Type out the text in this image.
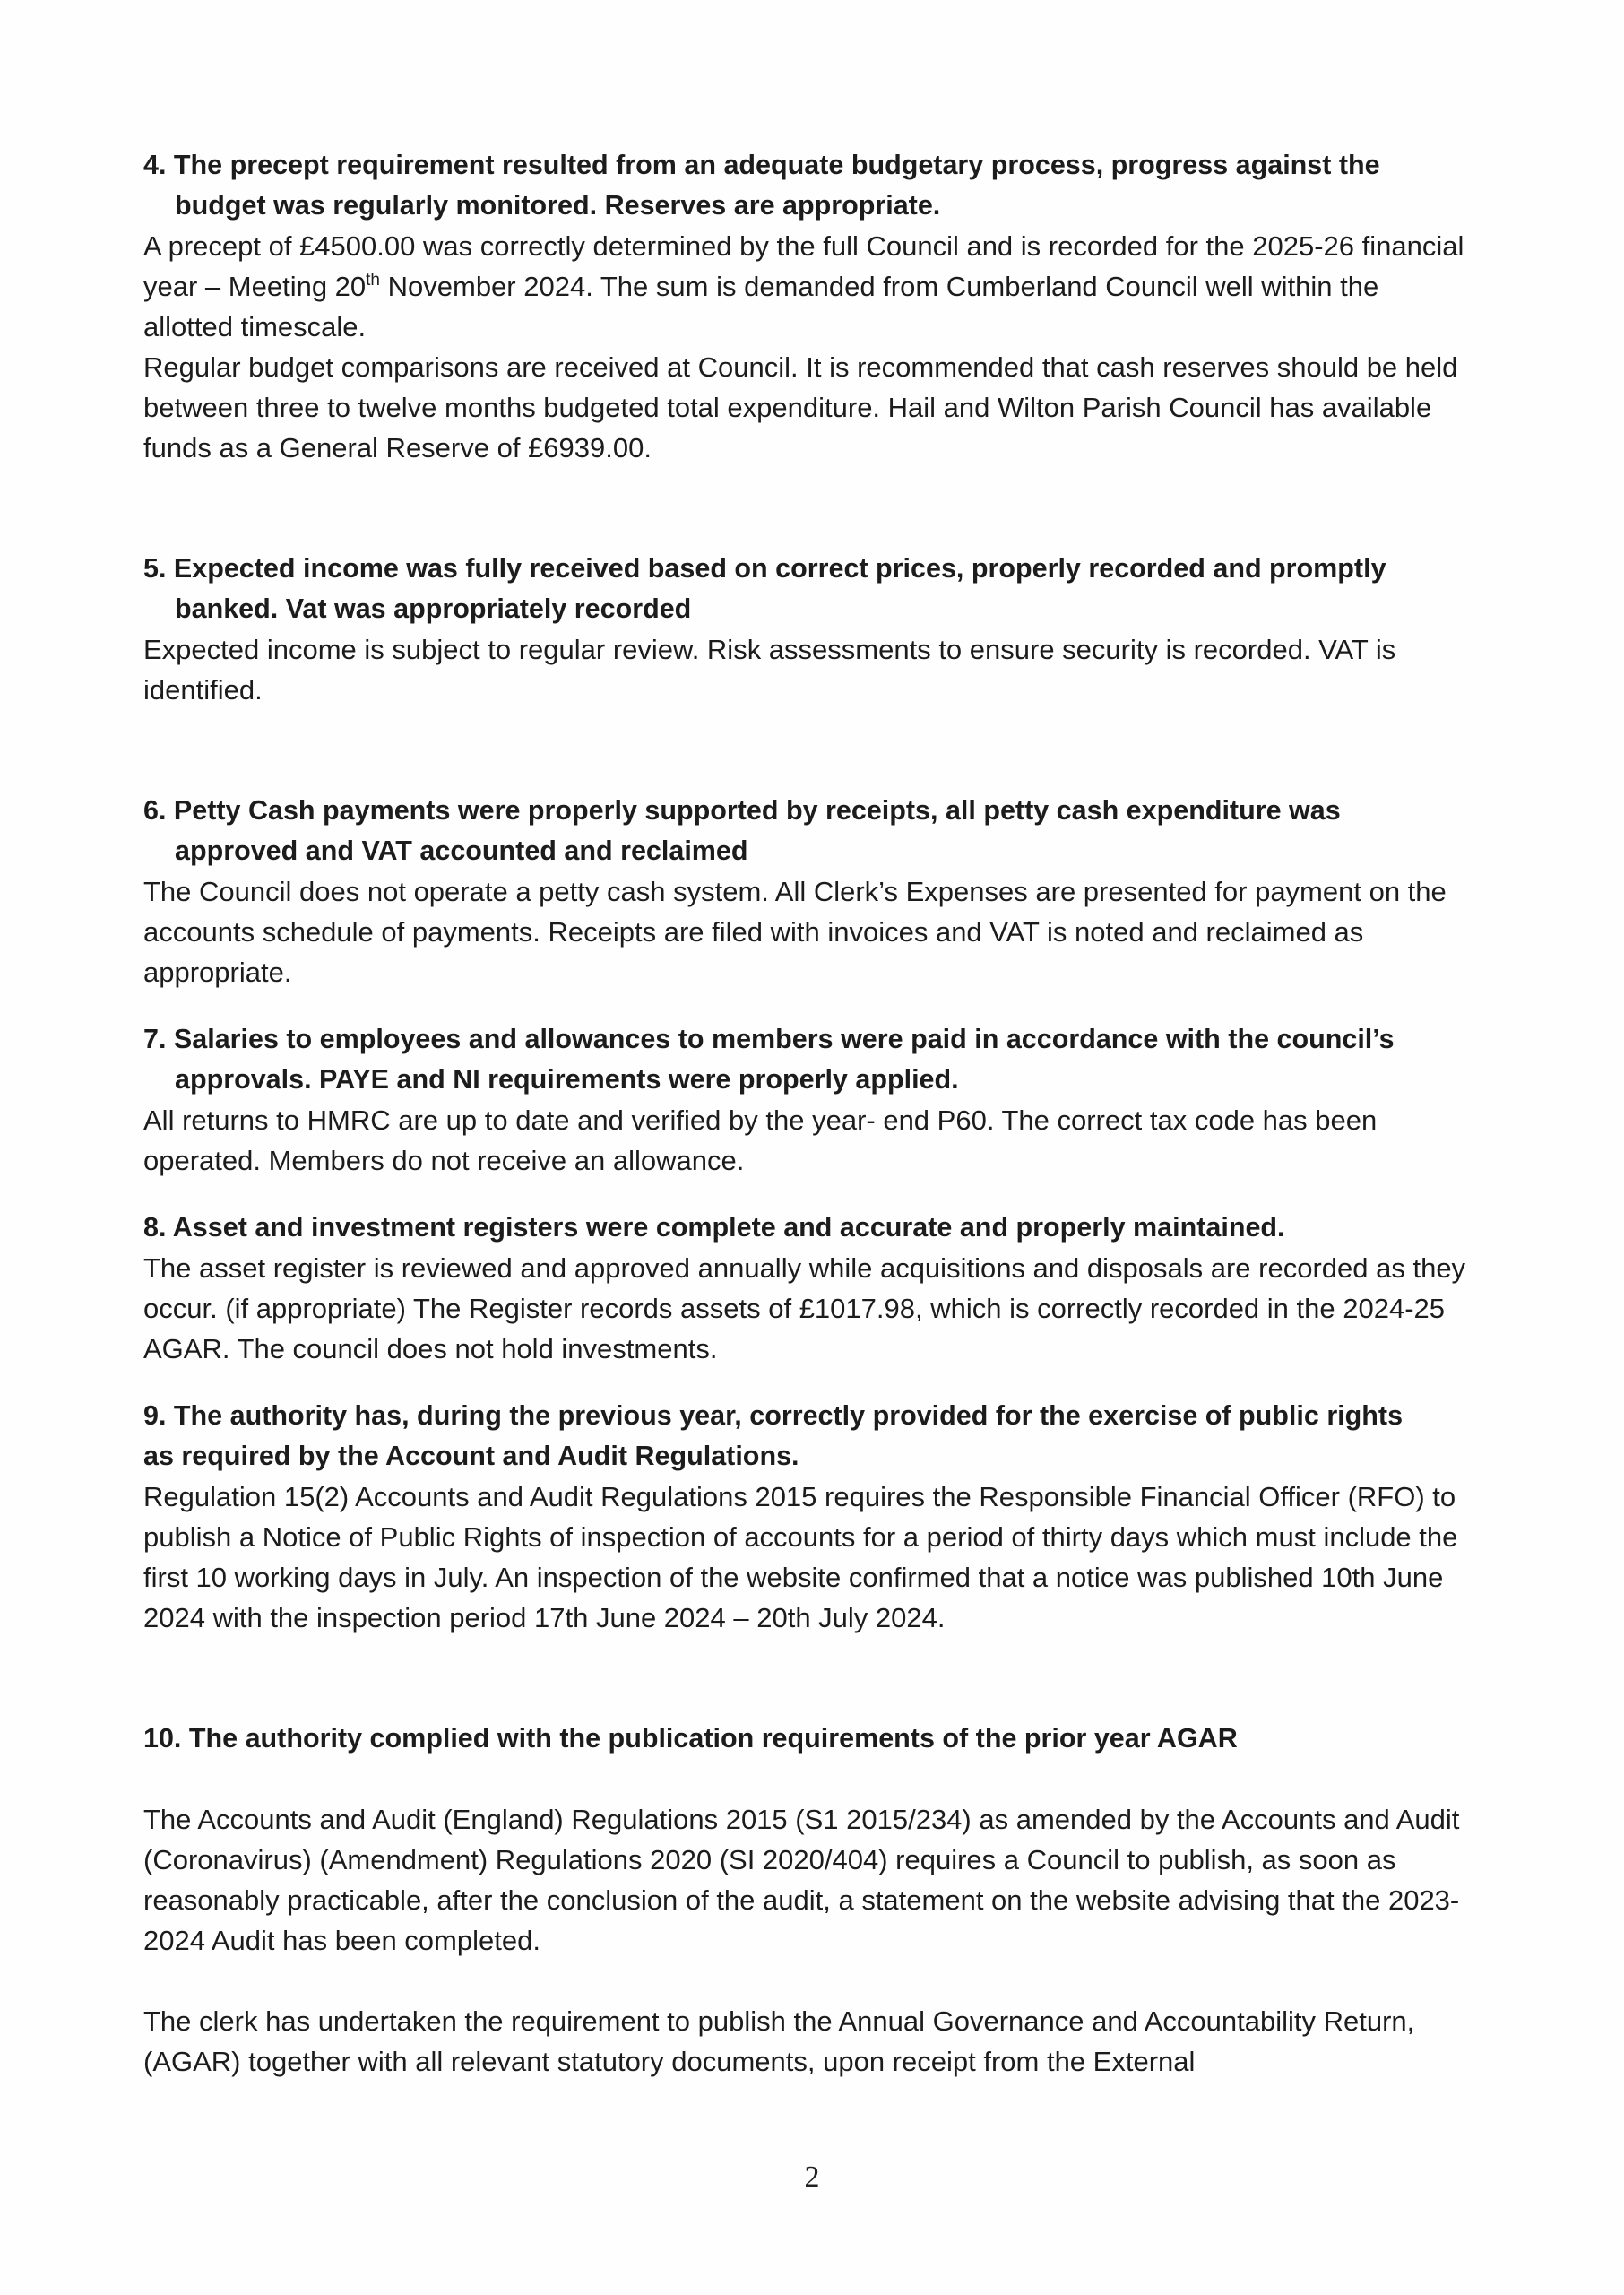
4. The precept requirement resulted from an adequate budgetary process, progress against the
budget was regularly monitored. Reserves are appropriate.

A precept of £4500.00 was correctly determined by the full Council and is recorded for the 2025-26 financial year – Meeting 20th November 2024. The sum is demanded from Cumberland Council well within the allotted timescale.

Regular budget comparisons are received at Council. It is recommended that cash reserves should be held between three to twelve months budgeted total expenditure. Hail and Wilton Parish Council has available funds as a General Reserve of £6939.00.

5. Expected income was fully received based on correct prices, properly recorded and promptly
banked. Vat was appropriately recorded

Expected income is subject to regular review. Risk assessments to ensure security is recorded. VAT is identified.

6. Petty Cash payments were properly supported by receipts, all petty cash expenditure was
approved and VAT accounted and reclaimed

The Council does not operate a petty cash system. All Clerk’s Expenses are presented for payment on the accounts schedule of payments. Receipts are filed with invoices and VAT is noted and reclaimed as appropriate.

7. Salaries to employees and allowances to members were paid in accordance with the council’s
approvals. PAYE and NI requirements were properly applied.

All returns to HMRC are up to date and verified by the year- end P60. The correct tax code has been operated. Members do not receive an allowance.

8. Asset and investment registers were complete and accurate and properly maintained.

The asset register is reviewed and approved annually while acquisitions and disposals are recorded as they occur. (if appropriate) The Register records assets of £1017.98, which is correctly recorded in the 2024-25 AGAR. The council does not hold investments.

9. The authority has, during the previous year, correctly provided for the exercise of public rights
as required by the Account and Audit Regulations.

Regulation 15(2) Accounts and Audit Regulations 2015 requires the Responsible Financial Officer (RFO) to publish a Notice of Public Rights of inspection of accounts for a period of thirty days which must include the first 10 working days in July. An inspection of the website confirmed that a notice was published 10th June 2024 with the inspection period 17th June 2024 – 20th July 2024.

10. The authority complied with the publication requirements of the prior year AGAR

The Accounts and Audit (England) Regulations 2015 (S1 2015/234) as amended by the Accounts and Audit (Coronavirus) (Amendment) Regulations 2020 (SI 2020/404) requires a Council to publish, as soon as reasonably practicable, after the conclusion of the audit, a statement on the website advising that the 2023-2024 Audit has been completed.

The clerk has undertaken the requirement to publish the Annual Governance and Accountability Return, (AGAR) together with all relevant statutory documents, upon receipt from the External

2
